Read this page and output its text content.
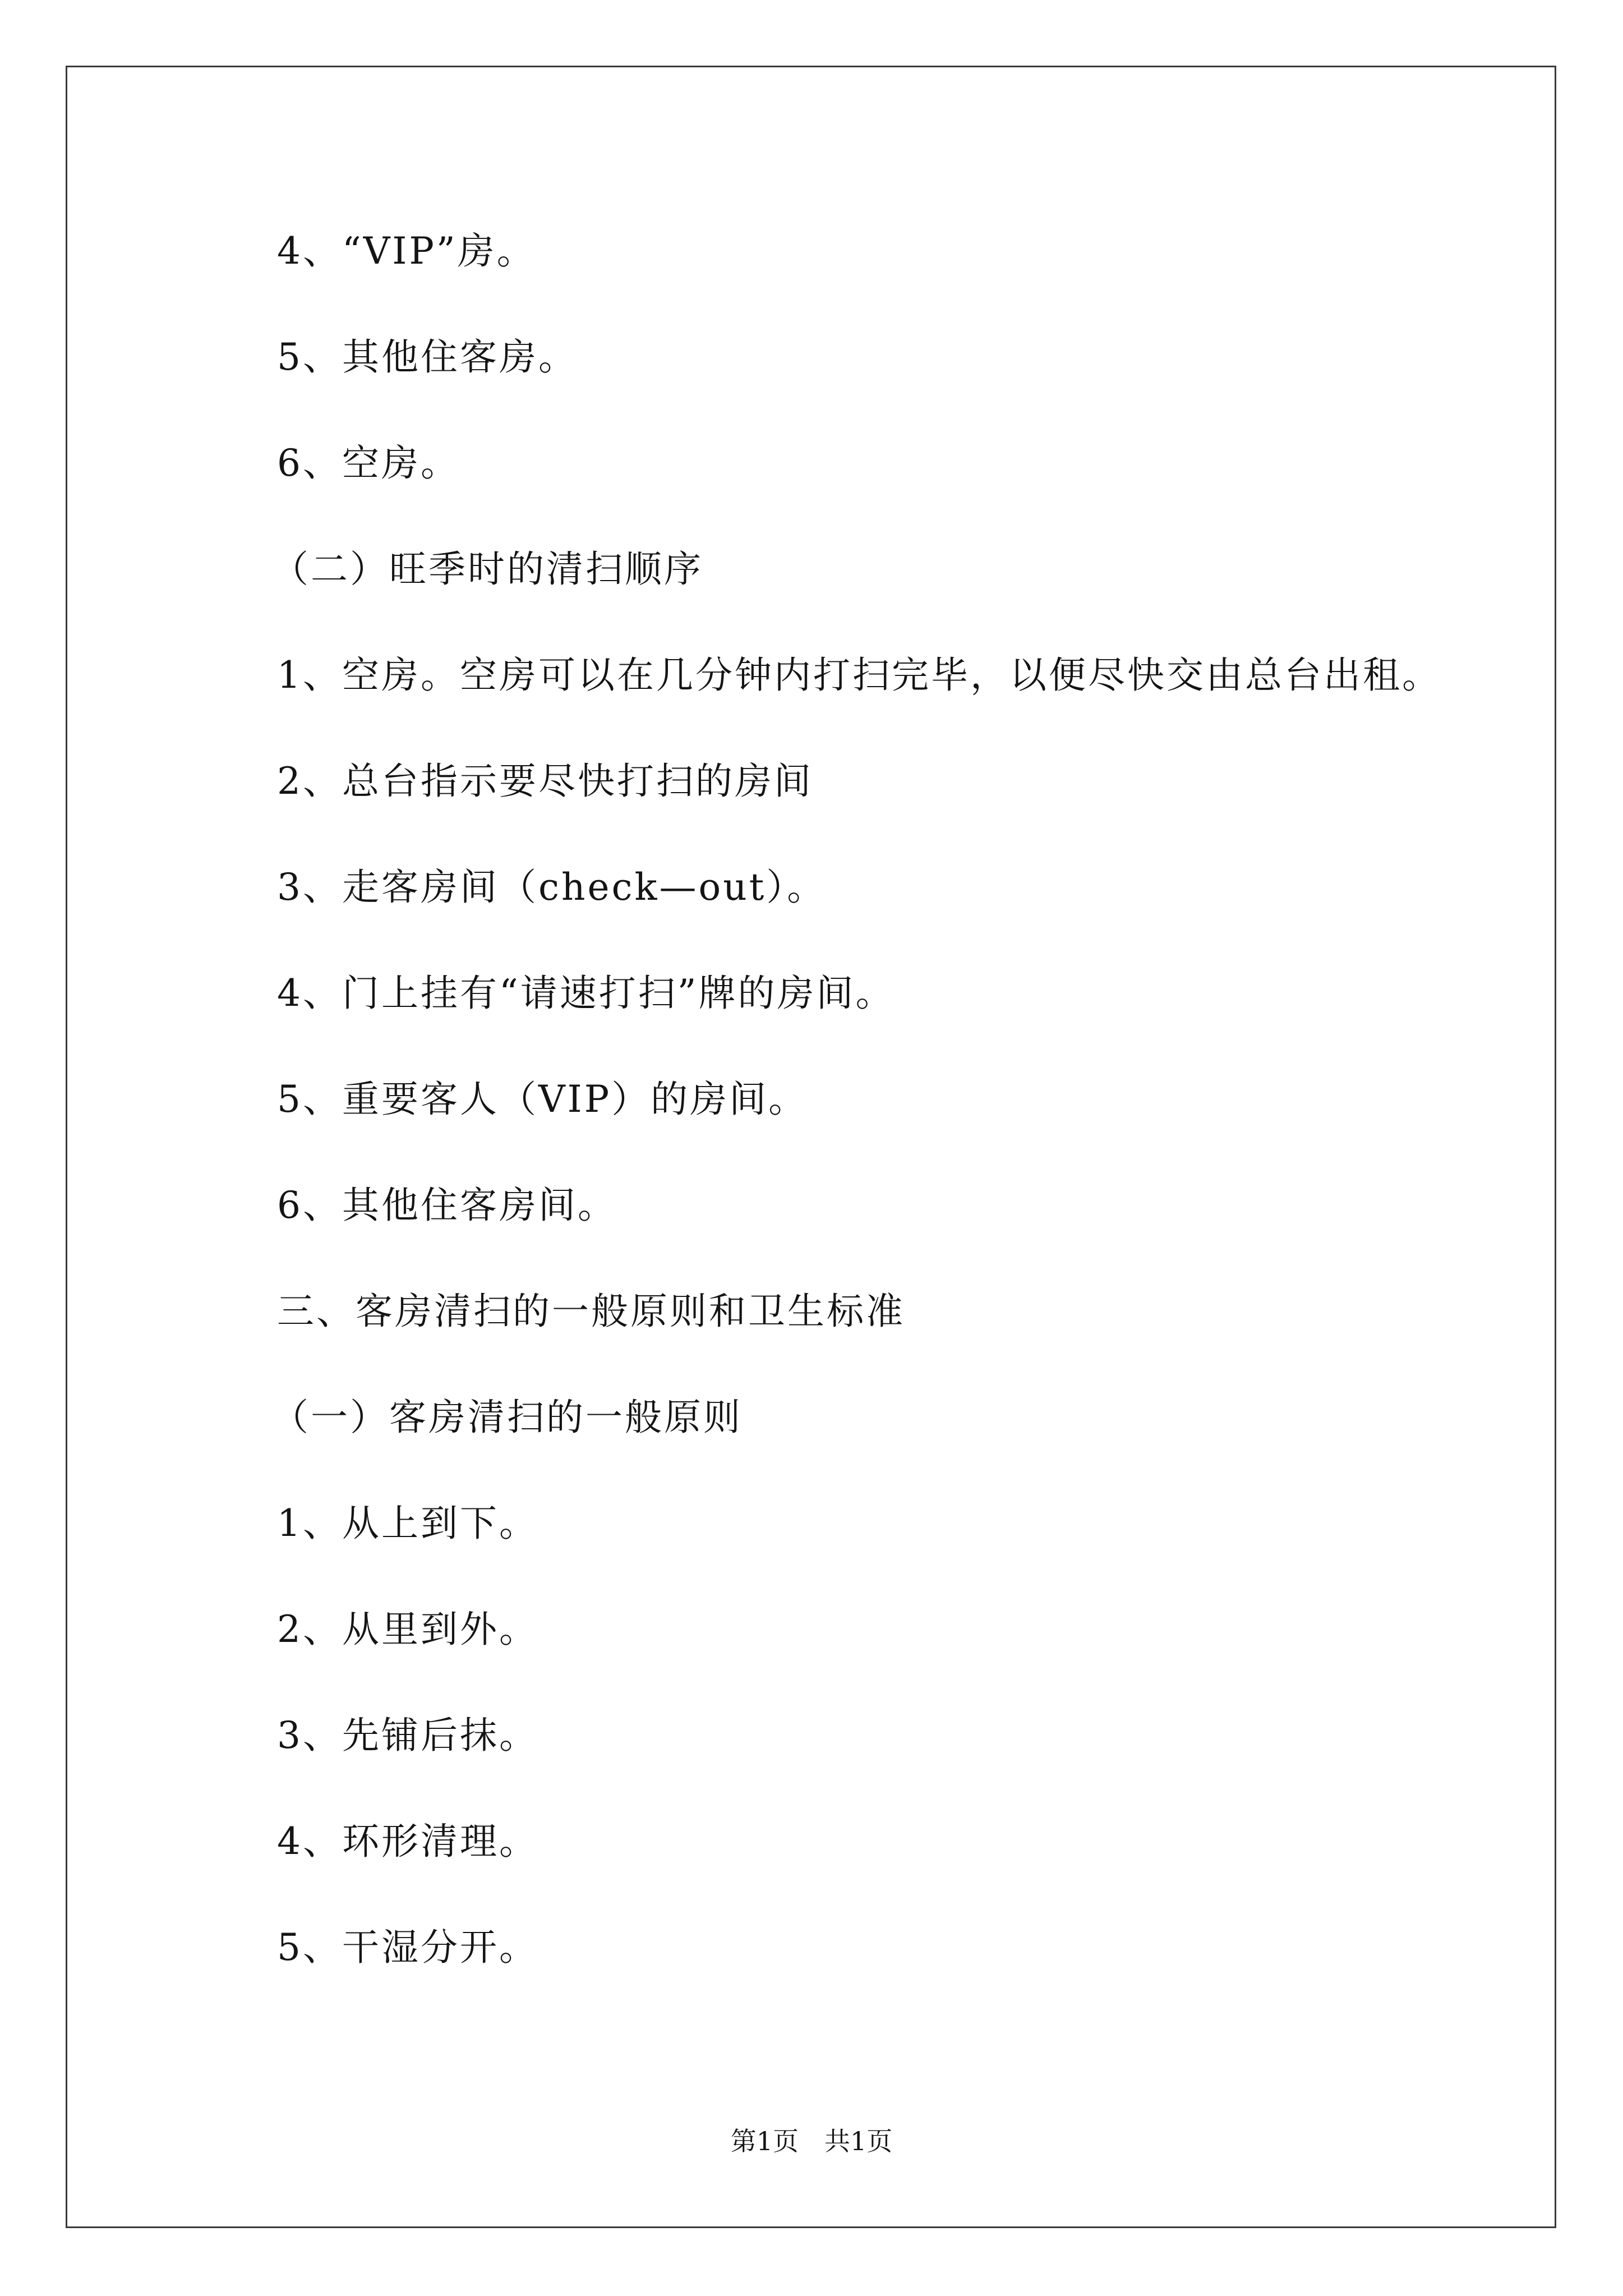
4、“VIP”房。
5、其他住客房。
6、空房。
（二）旺季时的清扫顺序
1、空房。空房可以在几分钟内打扫完毕，以便尽快交由总台出租。
2、总台指示要尽快打扫的房间
3、走客房间（check—out）。
4、门上挂有“请速打扫”牌的房间。
5、重要客人（VIP）的房间。
6、其他住客房间。
三、客房清扫的一般原则和卫生标准
（一）客房清扫的一般原则
1、从上到下。
2、从里到外。
3、先铺后抹。
4、环形清理。
5、干湿分开。
第1页　共1页
